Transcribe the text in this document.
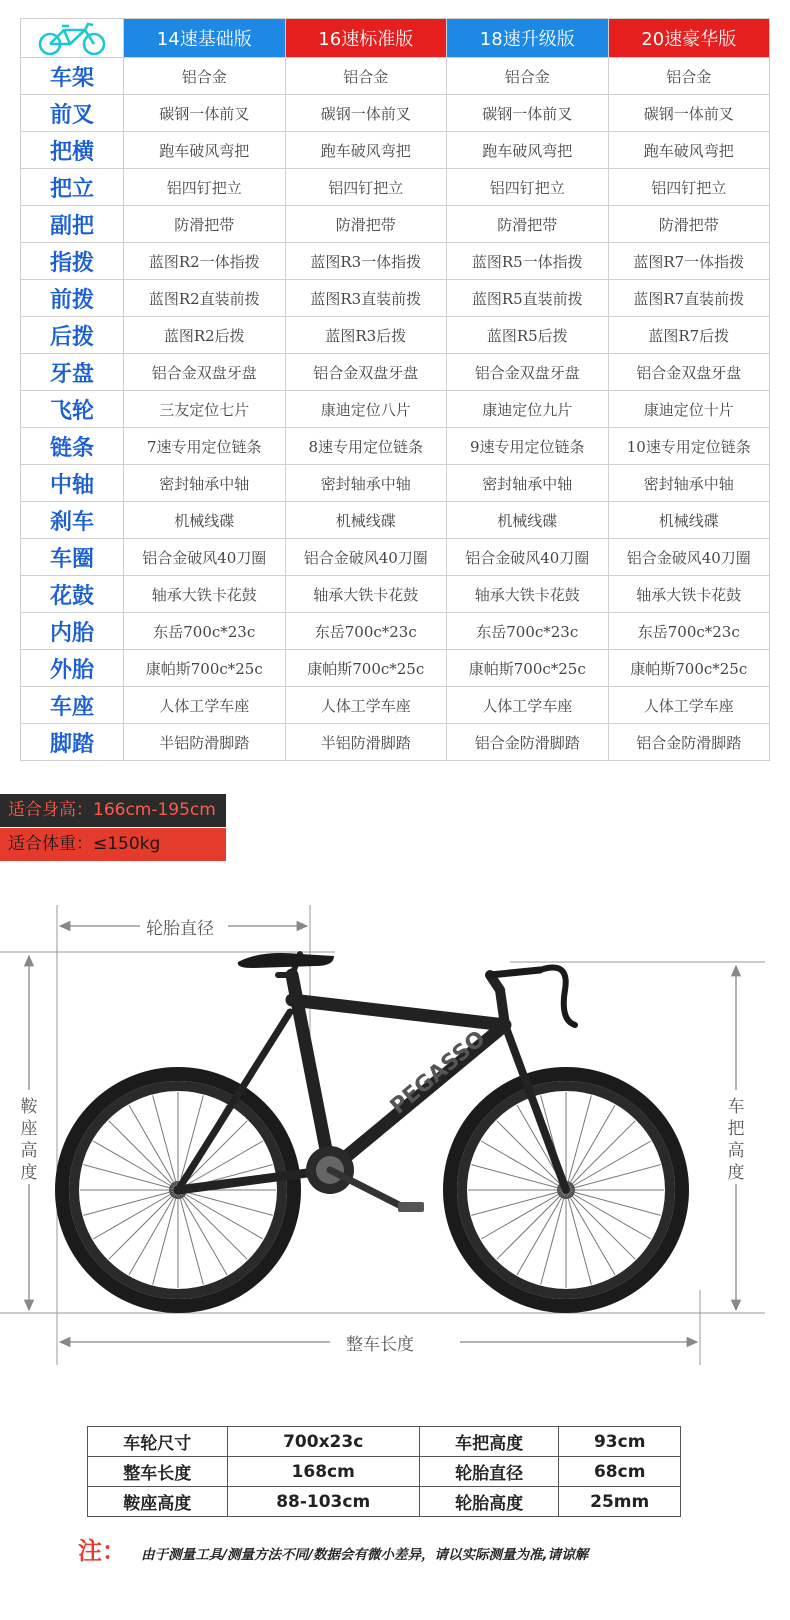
	14速基础版	16速标准版	18速升级版	20速豪华版
车架	铝合金	铝合金	铝合金	铝合金
前叉	碳钢一体前叉	碳钢一体前叉	碳钢一体前叉	碳钢一体前叉
把横	跑车破风弯把	跑车破风弯把	跑车破风弯把	跑车破风弯把
把立	铝四钉把立	铝四钉把立	铝四钉把立	铝四钉把立
副把	防滑把带	防滑把带	防滑把带	防滑把带
指拨	蓝图R2一体指拨	蓝图R3一体指拨	蓝图R5一体指拨	蓝图R7一体指拨
前拨	蓝图R2直装前拨	蓝图R3直装前拨	蓝图R5直装前拨	蓝图R7直装前拨
后拨	蓝图R2后拨	蓝图R3后拨	蓝图R5后拨	蓝图R7后拨
牙盘	铝合金双盘牙盘	铝合金双盘牙盘	铝合金双盘牙盘	铝合金双盘牙盘
飞轮	三友定位七片	康迪定位八片	康迪定位九片	康迪定位十片
链条	7速专用定位链条	8速专用定位链条	9速专用定位链条	10速专用定位链条
中轴	密封轴承中轴	密封轴承中轴	密封轴承中轴	密封轴承中轴
刹车	机械线碟	机械线碟	机械线碟	机械线碟
车圈	铝合金破风40刀圈	铝合金破风40刀圈	铝合金破风40刀圈	铝合金破风40刀圈
花鼓	轴承大铁卡花鼓	轴承大铁卡花鼓	轴承大铁卡花鼓	轴承大铁卡花鼓
内胎	东岳700c*23c	东岳700c*23c	东岳700c*23c	东岳700c*23c
外胎	康帕斯700c*25c	康帕斯700c*25c	康帕斯700c*25c	康帕斯700c*25c
车座	人体工学车座	人体工学车座	人体工学车座	人体工学车座
脚踏	半铝防滑脚踏	半铝防滑脚踏	铝合金防滑脚踏	铝合金防滑脚踏
适合身高：166cm-195cm
适合体重：≤150kg
PEGASSO
轮胎直径
整车长度
鞍座高度
车把高度
车轮尺寸	700x23c	车把高度	93cm
整车长度	168cm	轮胎直径	68cm
鞍座高度	88-103cm	轮胎高度	25mm
注： 由于测量工具/测量方法不同/数据会有微小差异，请以实际测量为准,请谅解
